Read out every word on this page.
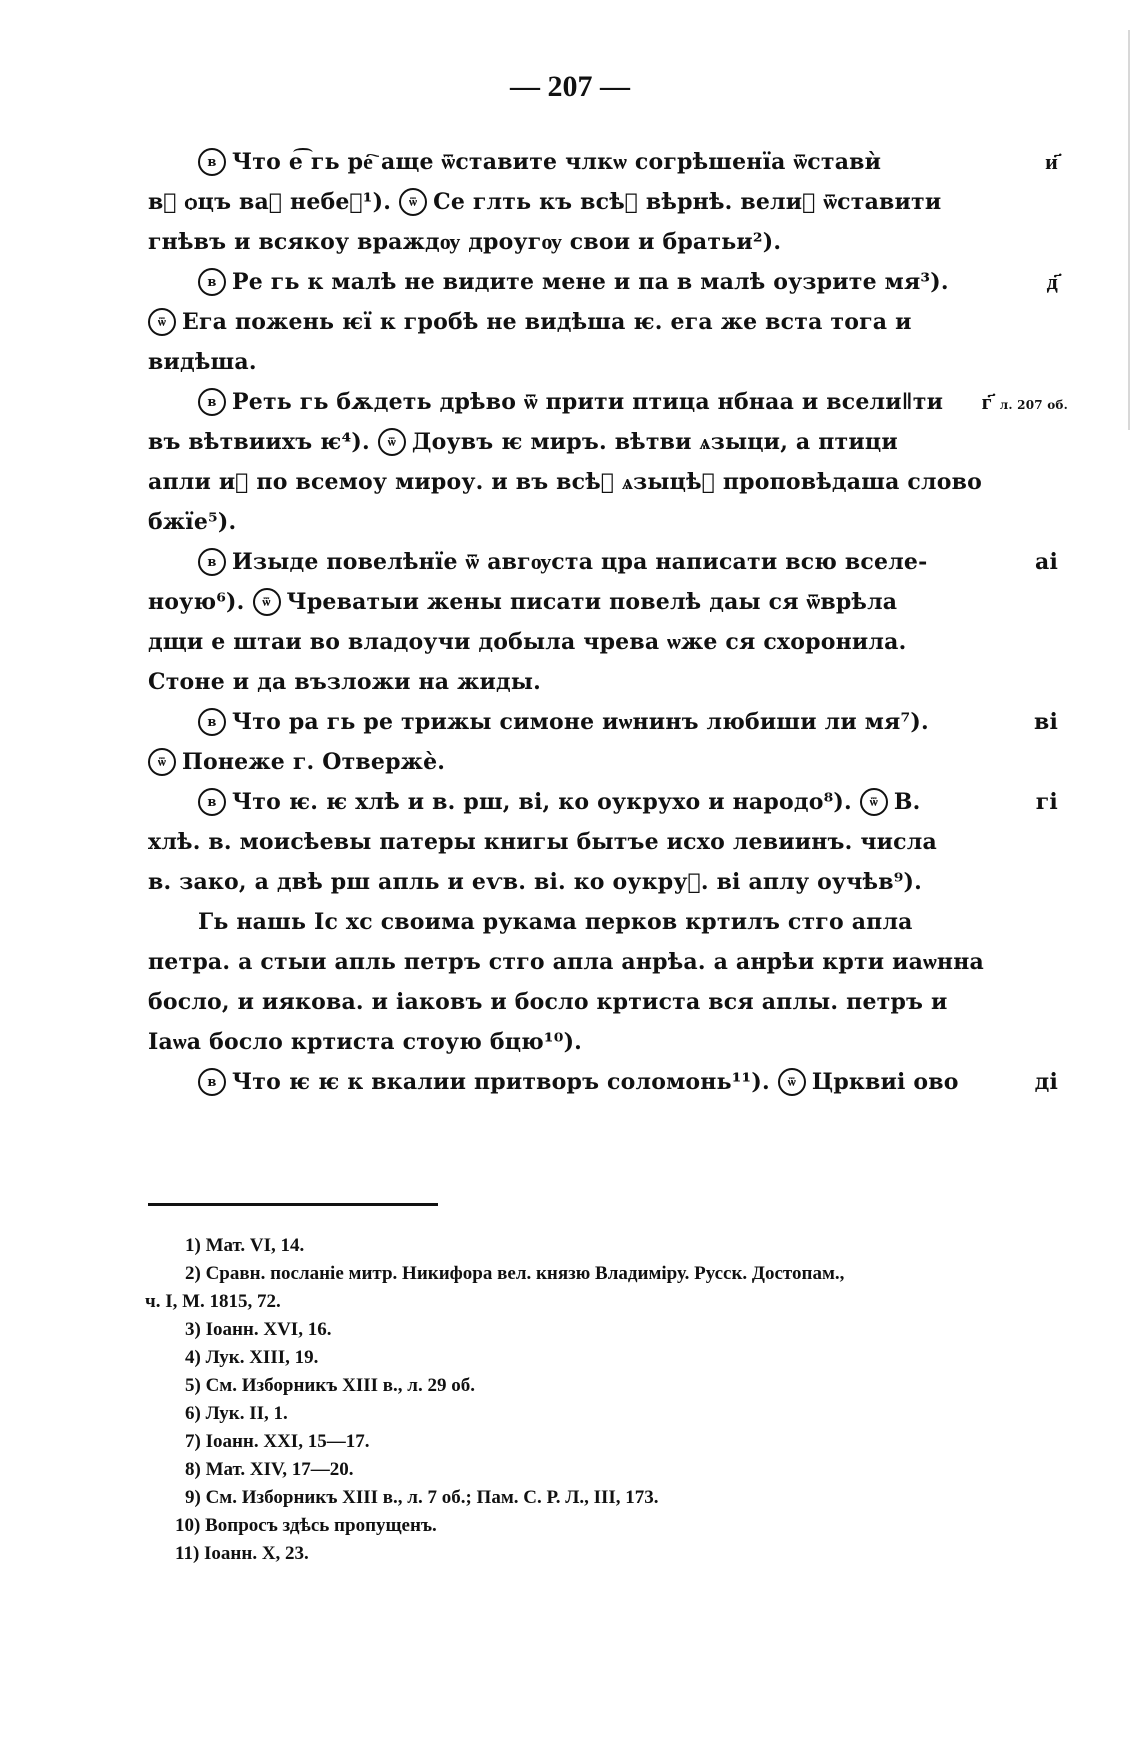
— 207 —
в Что е͡ гь ре҇ аще ѿставите члкѡ согрѣшенїа ѿставѝ	и҃
вᷓ ѻцъ ваᷓ небеᷓ¹). ѿ Се глть къ всѣᷓ вѣрнѣ. велиᷓ ѿставити
гнѣвъ и всякоу враждѹ дроугѹ свои и братьи²).
в Ре гь к малѣ не видите мене и па в малѣ оузрите мя³).	д҃
ѿ Ега пожень ѥї к гробѣ не видѣша ѥ. ега же вста тога и
видѣша.
в Реть гь бѫдеть дрѣво ѿ прити птица нбнаа и вселиǁти г҃л. 207 об.
въ вѣтвиихъ ѥ⁴). ѿ Доувъ ѥ миръ. вѣтви ѧзыци, а птици
апли иᷓ по всемоу мироу. и въ всѣᷓ ѧзыцѣᷓ проповѣдаша слово
бжїе⁵).
в Изыде повелѣнїе ѿ авгѹста цра написати всю вселе-	аі
ноую⁶). ѿ Чреватыи жены писати повелѣ даы ся ѿврѣла
дщи е штаи во владоучи добыла чрева ѡже ся схоронила.
Стоне и да възложи на жиды.
в Что ра гь ре трижы симоне иѡнинъ любиши ли мя⁷).	ві
ѿ Понеже г. Отвержѐ.
в Что ѥ. ѥ хлѣ и в. рш, ві, ко оукрухо и народо⁸). ѿ В.	гі
хлѣ. в. моисѣевы патеры книгы бытъе исхо левиинъ. числа
в. зако, а двѣ рш апль и еѵв. ві. ко оукруᷓ. ві аплу оучѣв⁹).
Гь нашь Іс хс своима рукама перков кртилъ стго апла
петра. а стыи апль петръ стго апла анрѣа. а анрѣи крти иаѡнна
босло, и иякова. и іаковъ и босло кртиста вся аплы. петръ и
Іаѡа босло кртиста стоую бцю¹⁰).
в Что ѥ ѥ к вкалии притворъ соломонь¹¹). ѿ Црквиі ово	ді
1) Мат. VI, 14.
2) Сравн. посланіе митр. Никифора вел. князю Владиміру. Русск. Достопам.,
ч. I, M. 1815, 72.
3) Іоанн. XVI, 16.
4) Лук. XIII, 19.
5) См. Изборникъ XIII в., л. 29 об.
6) Лук. II, 1.
7) Іоанн. XXI, 15—17.
8) Мат. XIV, 17—20.
9) См. Изборникъ XIII в., л. 7 об.; Пам. С. Р. Л., III, 173.
10) Вопросъ здѣсь пропущенъ.
11) Іоанн. X, 23.
